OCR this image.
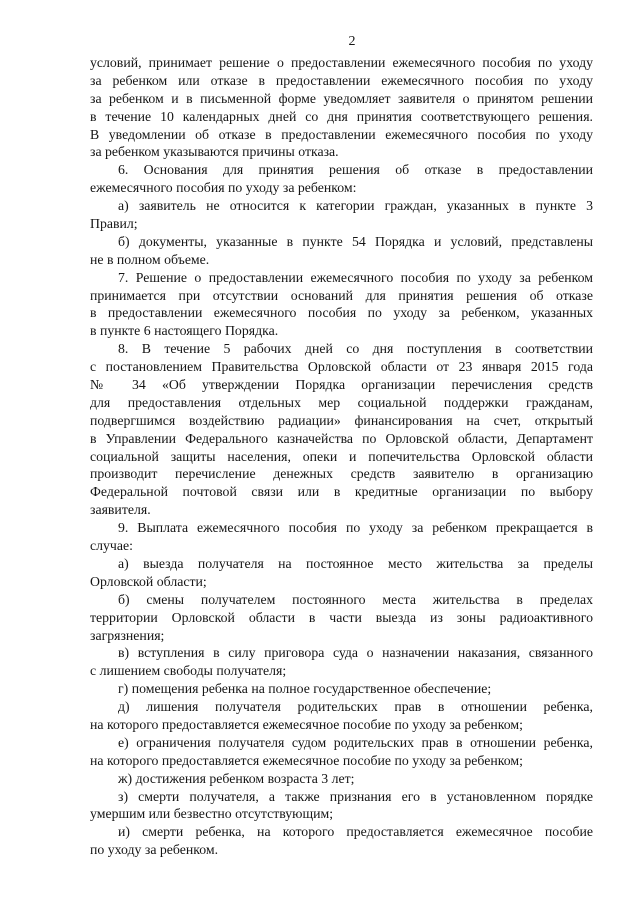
2
условий, принимает решение о предоставлении ежемесячного пособия по уходу
за ребенком или отказе в предоставлении ежемесячного пособия по уходу
за ребенком и в письменной форме уведомляет заявителя о принятом решении
в течение 10 календарных дней со дня принятия соответствующего решения.
В уведомлении об отказе в предоставлении ежемесячного пособия по уходу
за ребенком указываются причины отказа.
6. Основания для принятия решения об отказе в предоставлении
ежемесячного пособия по уходу за ребенком:
а) заявитель не относится к категории граждан, указанных в пункте 3
Правил;
б) документы, указанные в пункте 54 Порядка и условий, представлены
не в полном объеме.
7. Решение о предоставлении ежемесячного пособия по уходу за ребенком
принимается при отсутствии оснований для принятия решения об отказе
в предоставлении ежемесячного пособия по уходу за ребенком, указанных
в пункте 6 настоящего Порядка.
8. В течение 5 рабочих дней со дня поступления в соответствии
с постановлением Правительства Орловской области от 23 января 2015 года
№ 34 «Об утверждении Порядка организации перечисления средств
для предоставления отдельных мер социальной поддержки гражданам,
подвергшимся воздействию радиации» финансирования на счет, открытый
в Управлении Федерального казначейства по Орловской области, Департамент
социальной защиты населения, опеки и попечительства Орловской области
производит перечисление денежных средств заявителю в организацию
Федеральной почтовой связи или в кредитные организации по выбору
заявителя.
9. Выплата ежемесячного пособия по уходу за ребенком прекращается в
случае:
а) выезда получателя на постоянное место жительства за пределы
Орловской области;
б) смены получателем постоянного места жительства в пределах
территории Орловской области в части выезда из зоны радиоактивного
загрязнения;
в) вступления в силу приговора суда о назначении наказания, связанного
с лишением свободы получателя;
г) помещения ребенка на полное государственное обеспечение;
д) лишения получателя родительских прав в отношении ребенка,
на которого предоставляется ежемесячное пособие по уходу за ребенком;
е) ограничения получателя судом родительских прав в отношении ребенка,
на которого предоставляется ежемесячное пособие по уходу за ребенком;
ж) достижения ребенком возраста 3 лет;
з) смерти получателя, а также признания его в установленном порядке
умершим или безвестно отсутствующим;
и) смерти ребенка, на которого предоставляется ежемесячное пособие
по уходу за ребенком.
